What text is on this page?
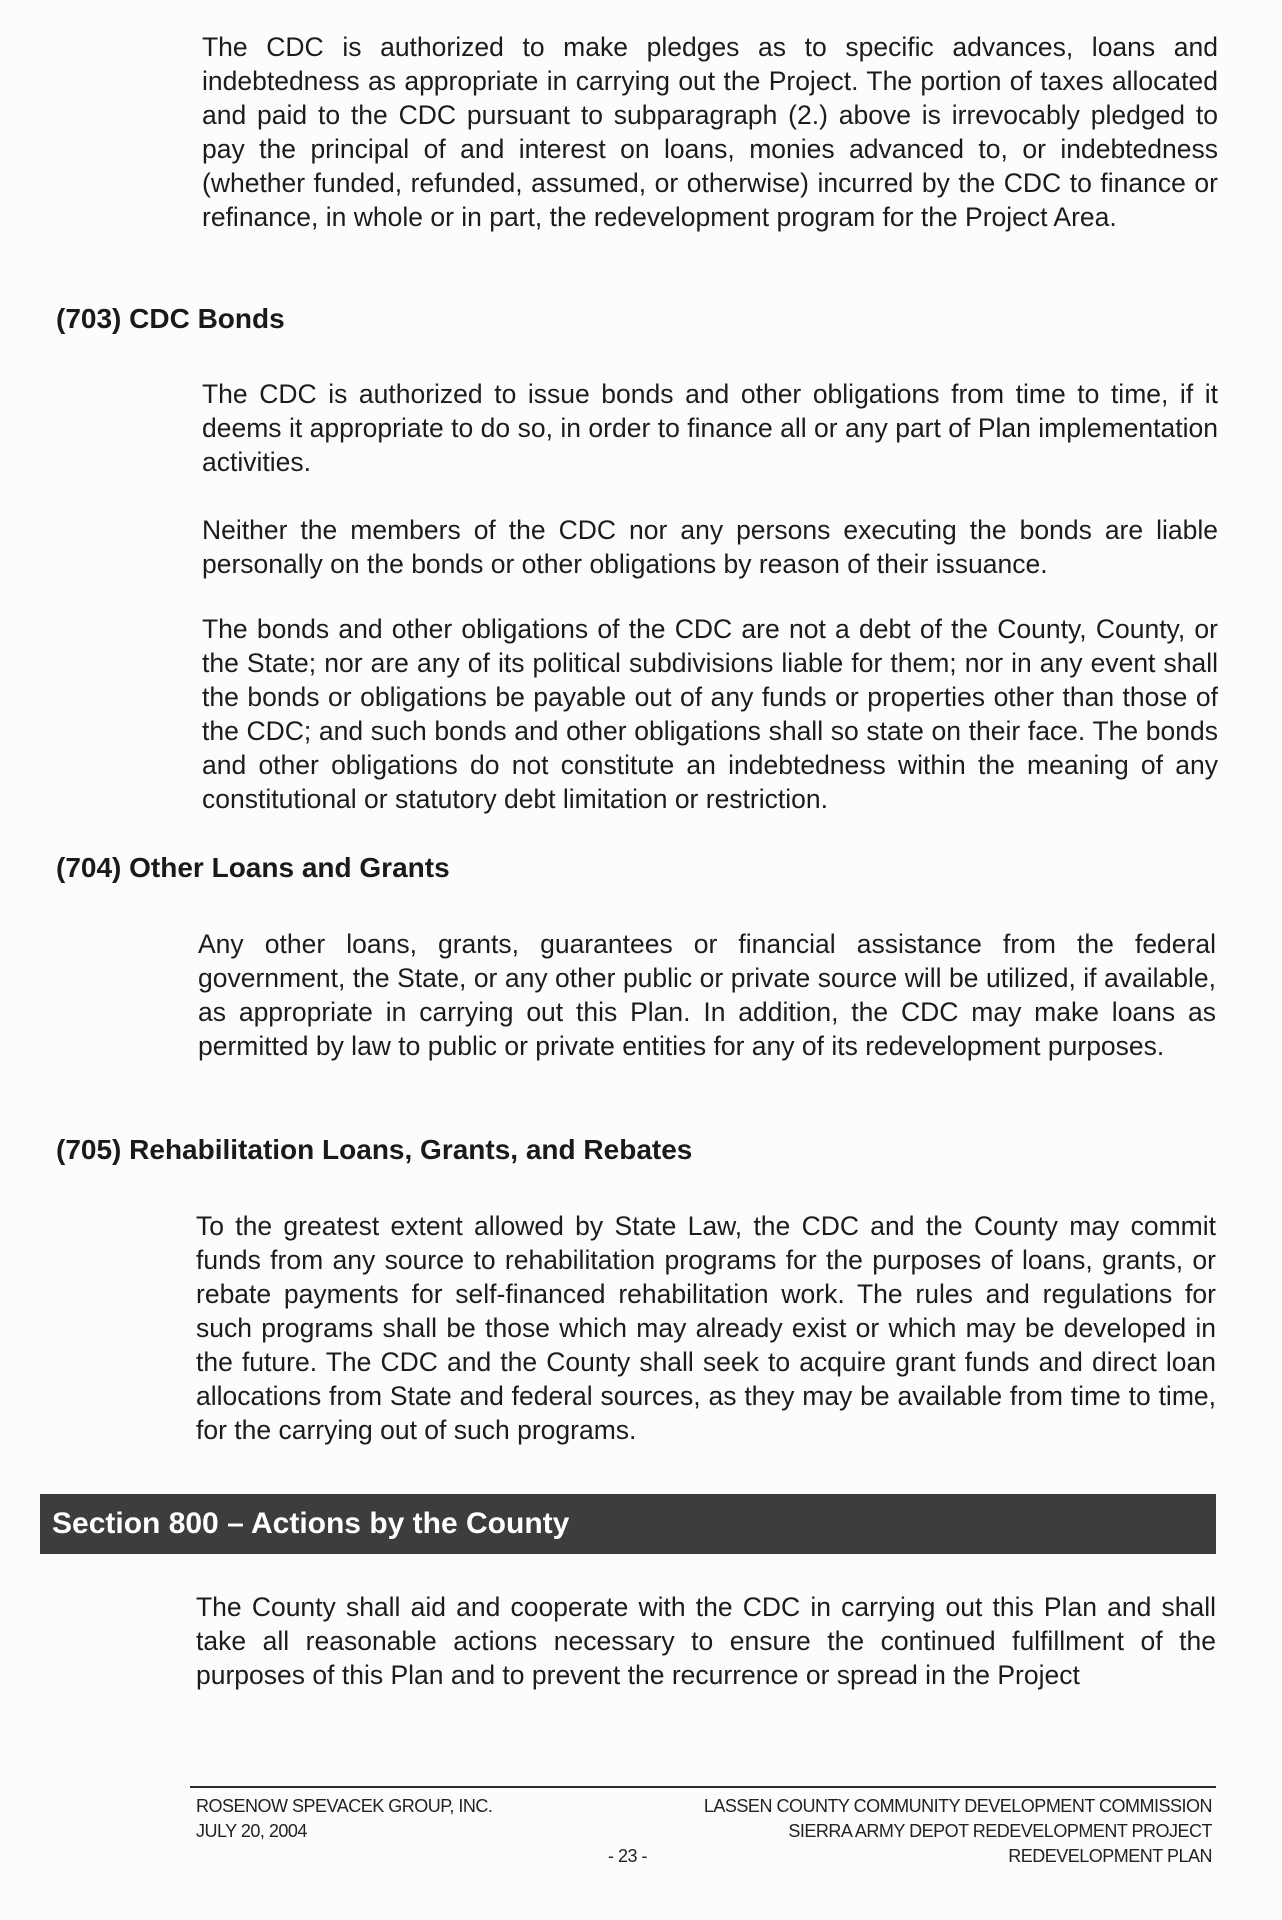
The CDC is authorized to make pledges as to specific advances, loans and indebtedness as appropriate in carrying out the Project. The portion of taxes allocated and paid to the CDC pursuant to subparagraph (2.) above is irrevocably pledged to pay the principal of and interest on loans, monies advanced to, or indebtedness (whether funded, refunded, assumed, or otherwise) incurred by the CDC to finance or refinance, in whole or in part, the redevelopment program for the Project Area.

(703) CDC Bonds

The CDC is authorized to issue bonds and other obligations from time to time, if it deems it appropriate to do so, in order to finance all or any part of Plan implementation activities.

Neither the members of the CDC nor any persons executing the bonds are liable personally on the bonds or other obligations by reason of their issuance.

The bonds and other obligations of the CDC are not a debt of the County, County, or the State; nor are any of its political subdivisions liable for them; nor in any event shall the bonds or obligations be payable out of any funds or properties other than those of the CDC; and such bonds and other obligations shall so state on their face. The bonds and other obligations do not constitute an indebtedness within the meaning of any constitutional or statutory debt limitation or restriction.

(704) Other Loans and Grants

Any other loans, grants, guarantees or financial assistance from the federal government, the State, or any other public or private source will be utilized, if available, as appropriate in carrying out this Plan. In addition, the CDC may make loans as permitted by law to public or private entities for any of its redevelopment purposes.

(705) Rehabilitation Loans, Grants, and Rebates

To the greatest extent allowed by State Law, the CDC and the County may commit funds from any source to rehabilitation programs for the purposes of loans, grants, or rebate payments for self-financed rehabilitation work. The rules and regulations for such programs shall be those which may already exist or which may be developed in the future. The CDC and the County shall seek to acquire grant funds and direct loan allocations from State and federal sources, as they may be available from time to time, for the carrying out of such programs.

Section 800 – Actions by the County

The County shall aid and cooperate with the CDC in carrying out this Plan and shall take all reasonable actions necessary to ensure the continued fulfillment of the purposes of this Plan and to prevent the recurrence or spread in the Project

ROSENOW SPEVACEK GROUP, INC.
JULY 20, 2004
LASSEN COUNTY COMMUNITY DEVELOPMENT COMMISSION
SIERRA ARMY DEPOT REDEVELOPMENT PROJECT
REDEVELOPMENT PLAN
- 23 -
